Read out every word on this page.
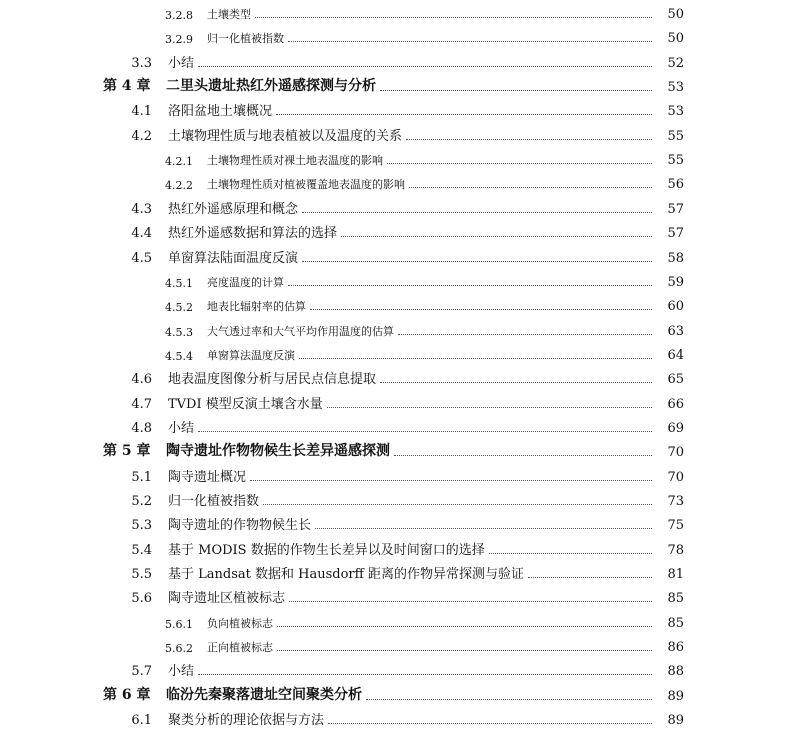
3.2.8	土壤类型	50
3.2.9	归一化植被指数	50
3.3	小结	52
第 4 章	二里头遗址热红外遥感探测与分析	53
4.1	洛阳盆地土壤概况	53
4.2	土壤物理性质与地表植被以及温度的关系	55
4.2.1	土壤物理性质对裸土地表温度的影响	55
4.2.2	土壤物理性质对植被覆盖地表温度的影响	56
4.3	热红外遥感原理和概念	57
4.4	热红外遥感数据和算法的选择	57
4.5	单窗算法陆面温度反演	58
4.5.1	亮度温度的计算	59
4.5.2	地表比辐射率的估算	60
4.5.3	大气透过率和大气平均作用温度的估算	63
4.5.4	单窗算法温度反演	64
4.6	地表温度图像分析与居民点信息提取	65
4.7	TVDI 模型反演土壤含水量	66
4.8	小结	69
第 5 章	陶寺遗址作物物候生长差异遥感探测	70
5.1	陶寺遗址概况	70
5.2	归一化植被指数	73
5.3	陶寺遗址的作物物候生长	75
5.4	基于 MODIS 数据的作物生长差异以及时间窗口的选择	78
5.5	基于 Landsat 数据和 Hausdorff 距离的作物异常探测与验证	81
5.6	陶寺遗址区植被标志	85
5.6.1	负向植被标志	85
5.6.2	正向植被标志	86
5.7	小结	88
第 6 章	临汾先秦聚落遗址空间聚类分析	89
6.1	聚类分析的理论依据与方法	89
